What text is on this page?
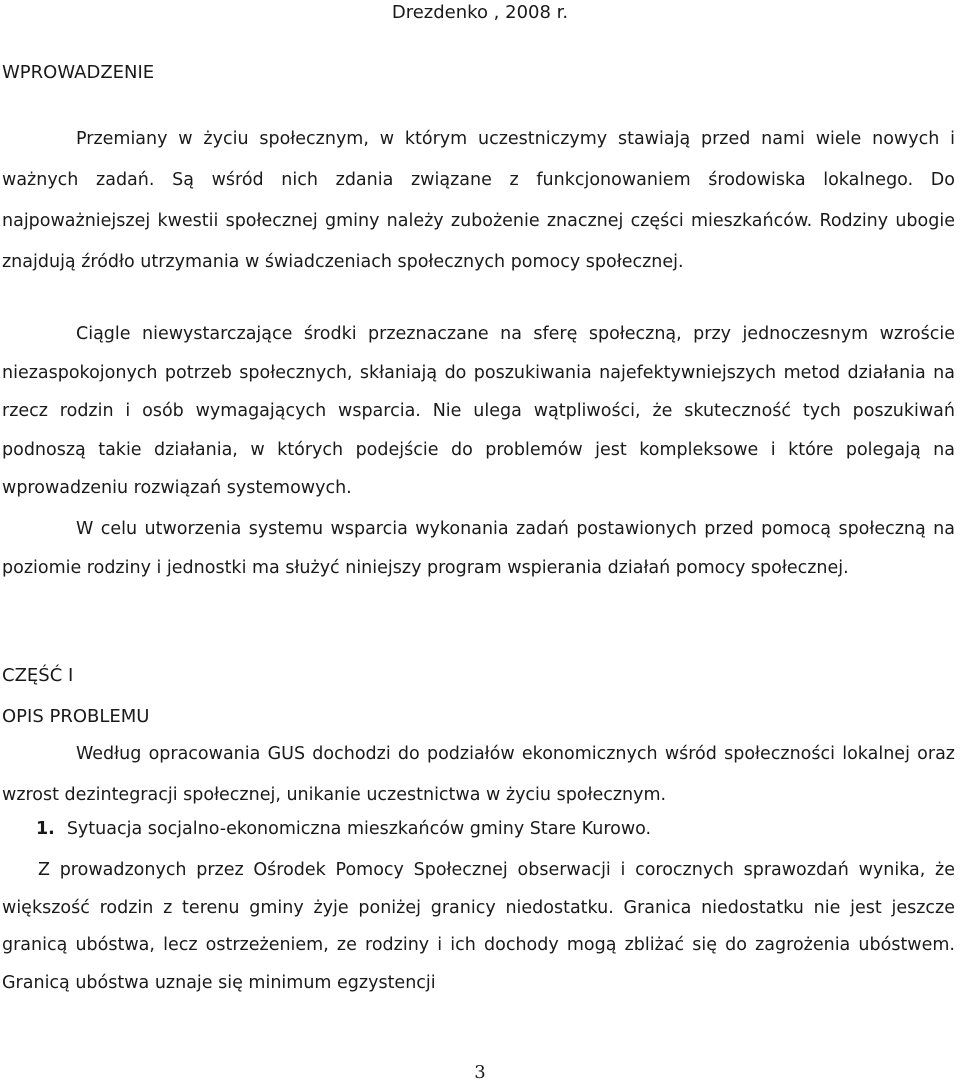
Drezdenko , 2008 r.
WPROWADZENIE

Przemiany w życiu społecznym, w którym uczestniczymy stawiają przed nami wiele nowych i ważnych zadań. Są wśród nich zdania związane z funkcjonowaniem środowiska lokalnego. Do najpoważniejszej kwestii społecznej gminy należy zubożenie znacznej części mieszkańców. Rodziny ubogie znajdują źródło utrzymania w świadczeniach społecznych pomocy społecznej.

Ciągle niewystarczające środki przeznaczane na sferę społeczną, przy jednoczesnym wzroście niezaspokojonych potrzeb społecznych, skłaniają do poszukiwania najefektywniejszych metod działania na rzecz rodzin i osób wymagających wsparcia. Nie ulega wątpliwości, że skuteczność tych poszukiwań podnoszą takie działania, w których podejście do problemów jest kompleksowe i które polegają na wprowadzeniu rozwiązań systemowych.

W celu utworzenia systemu wsparcia wykonania zadań postawionych przed pomocą społeczną na poziomie rodziny i jednostki ma służyć niniejszy program wspierania działań pomocy społecznej.

CZĘŚĆ I
OPIS PROBLEMU

Według opracowania GUS dochodzi do podziałów ekonomicznych wśród społeczności lokalnej oraz wzrost dezintegracji społecznej, unikanie uczestnictwa w życiu społecznym.

1. Sytuacja socjalno-ekonomiczna mieszkańców gminy Stare Kurowo.

Z prowadzonych przez Ośrodek Pomocy Społecznej obserwacji i corocznych sprawozdań wynika, że większość rodzin z terenu gminy żyje poniżej granicy niedostatku. Granica niedostatku nie jest jeszcze granicą ubóstwa, lecz ostrzeżeniem, ze rodziny i ich dochody mogą zbliżać się do zagrożenia ubóstwem. Granicą ubóstwa uznaje się minimum egzystencji

3
